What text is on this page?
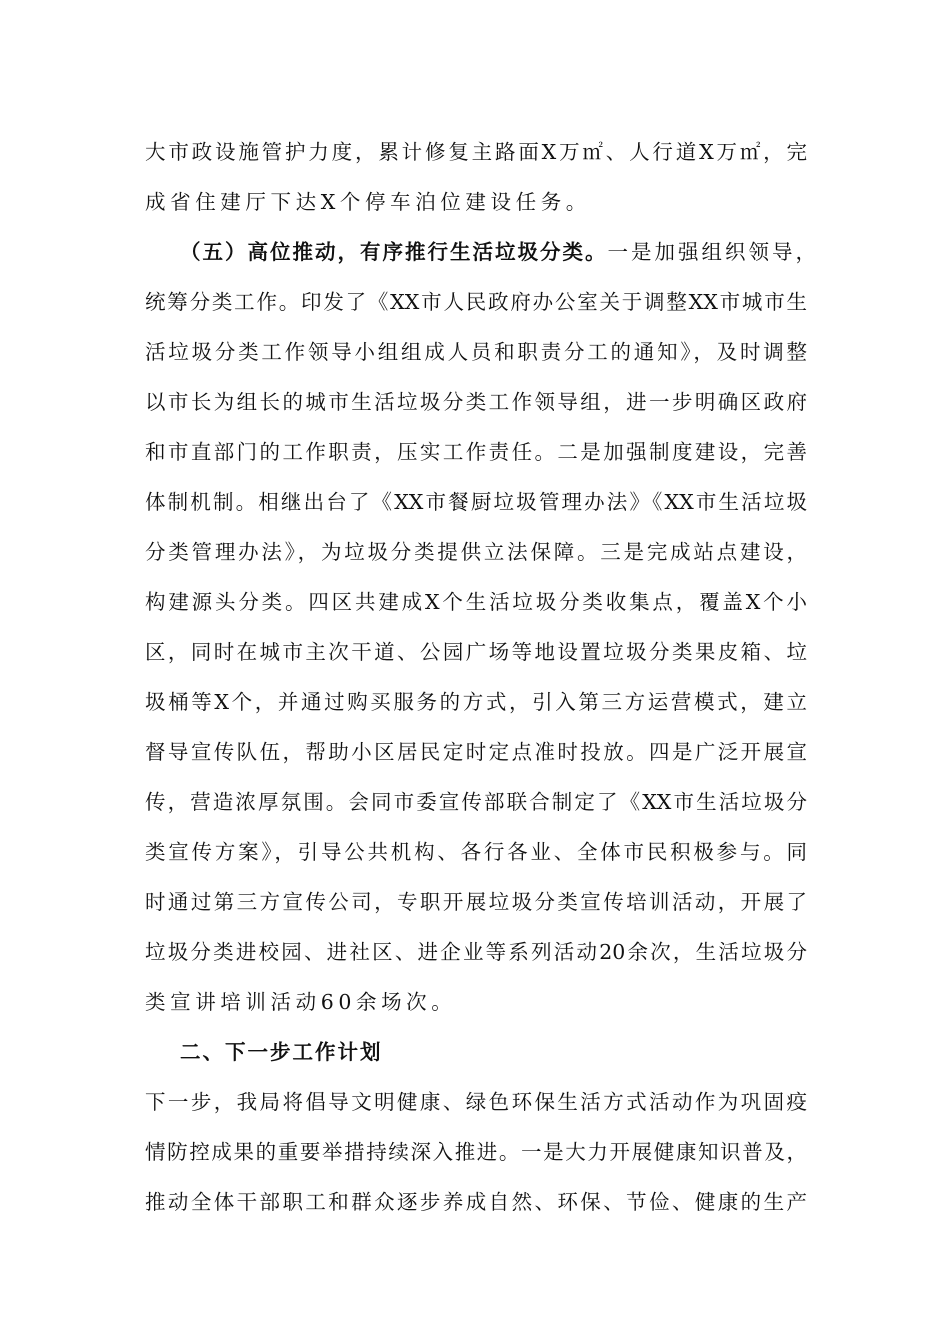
大市政设施管护力度，累计修复主路面X万㎡、人行道X万㎡，完
成省住建厅下达X个停车泊位建设任务。
（五）高位推动，有序推行生活垃圾分类。一是加强组织领导，
统筹分类工作。印发了《XX市人民政府办公室关于调整XX市城市生
活垃圾分类工作领导小组组成人员和职责分工的通知》，及时调整
以市长为组长的城市生活垃圾分类工作领导组，进一步明确区政府
和市直部门的工作职责，压实工作责任。二是加强制度建设，完善
体制机制。相继出台了《XX市餐厨垃圾管理办法》《XX市生活垃圾
分类管理办法》，为垃圾分类提供立法保障。三是完成站点建设，
构建源头分类。四区共建成X个生活垃圾分类收集点，覆盖X个小
区，同时在城市主次干道、公园广场等地设置垃圾分类果皮箱、垃
圾桶等X个，并通过购买服务的方式，引入第三方运营模式，建立
督导宣传队伍，帮助小区居民定时定点准时投放。四是广泛开展宣
传，营造浓厚氛围。会同市委宣传部联合制定了《XX市生活垃圾分
类宣传方案》，引导公共机构、各行各业、全体市民积极参与。同
时通过第三方宣传公司，专职开展垃圾分类宣传培训活动，开展了
垃圾分类进校园、进社区、进企业等系列活动20余次，生活垃圾分
类宣讲培训活动60余场次。
二、下一步工作计划
下一步，我局将倡导文明健康、绿色环保生活方式活动作为巩固疫
情防控成果的重要举措持续深入推进。一是大力开展健康知识普及，
推动全体干部职工和群众逐步养成自然、环保、节俭、健康的生产
